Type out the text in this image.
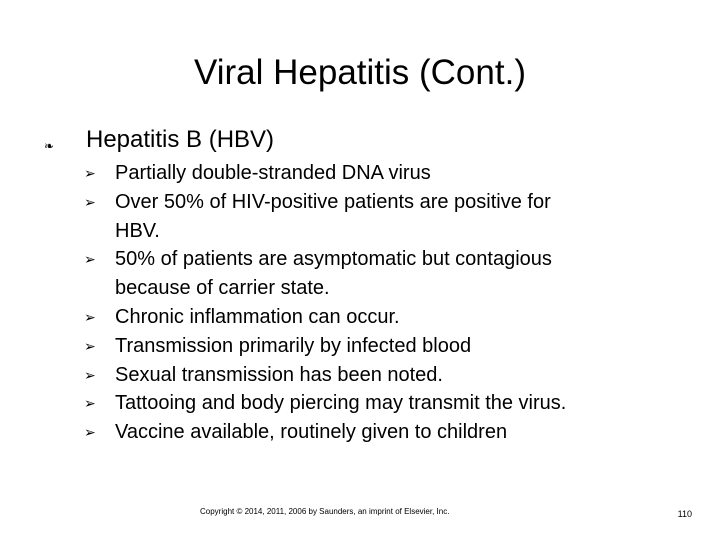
Viral Hepatitis (Cont.)
❧	Hepatitis B (HBV)
➢ Partially double-stranded DNA virus
➢ Over 50% of HIV-positive patients are positive for
HBV.
➢ 50% of patients are asymptomatic but contagious
because of carrier state.
➢ Chronic inflammation can occur.
➢ Transmission primarily by infected blood
➢ Sexual transmission has been noted.
➢ Tattooing and body piercing may transmit the virus.
➢ Vaccine available, routinely given to children
Copyright © 2014, 2011, 2006 by Saunders, an imprint of Elsevier, Inc.	110
